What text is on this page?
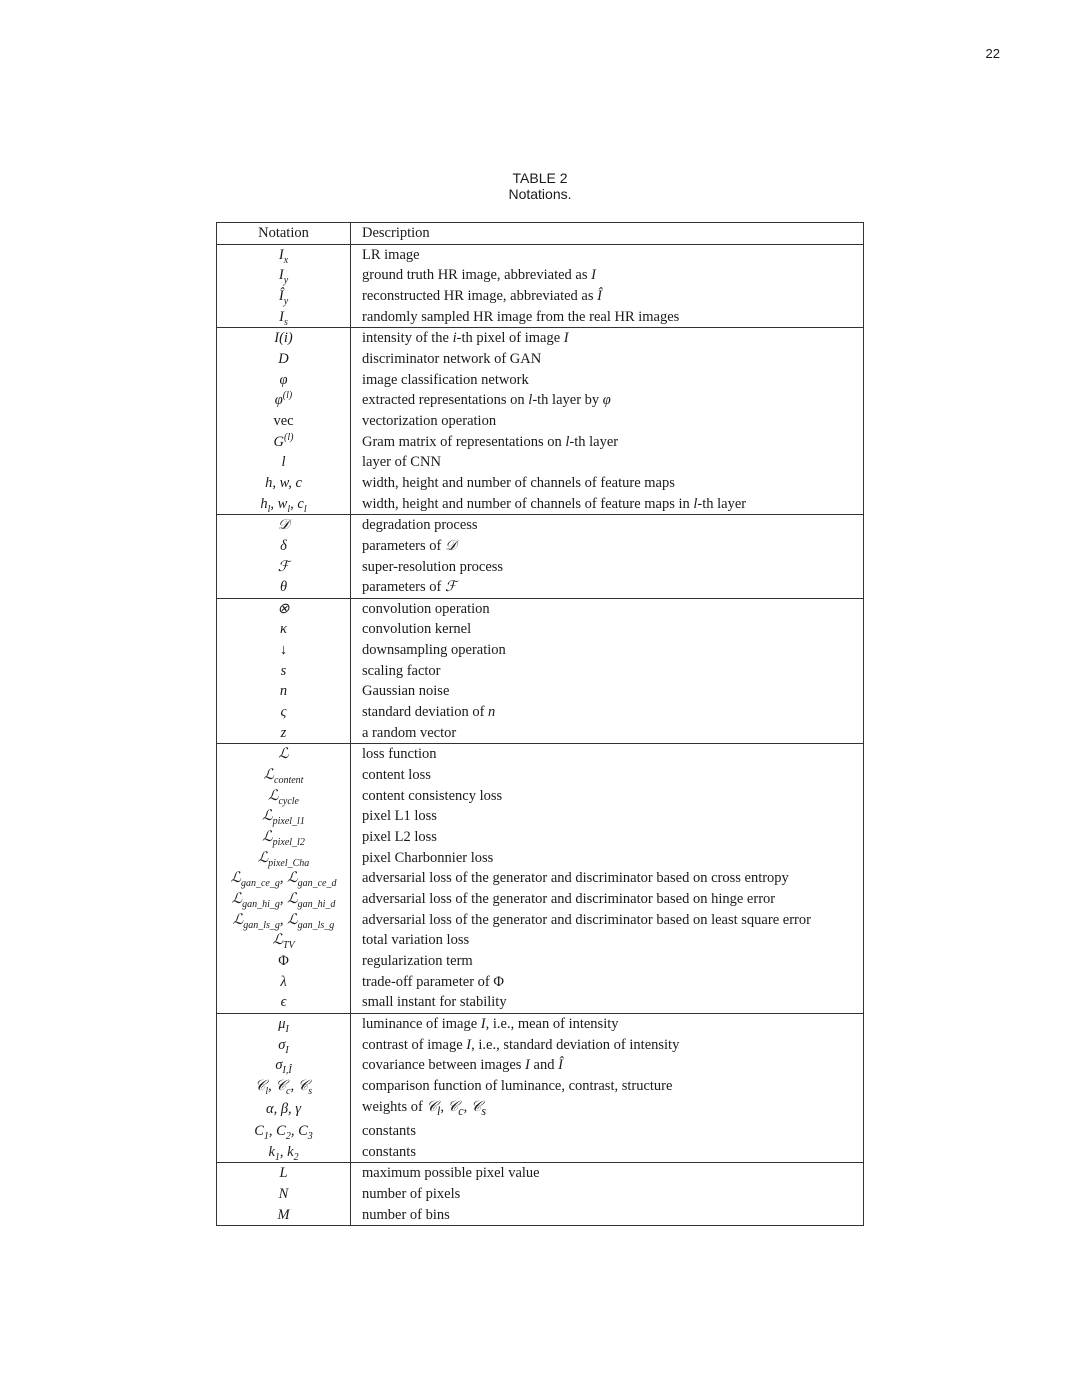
22
TABLE 2
Notations.
Notation	Description
$I_x$	LR image
$I_y$	ground truth HR image, abbreviated as I
$Î_y$	reconstructed HR image, abbreviated as Î
$I_s$	randomly sampled HR image from the real HR images
I(i)	intensity of the i-th pixel of image I
D	discriminator network of GAN
φ	image classification network
$\varphi^{(l)}$	extracted representations on l-th layer by φ
vec	vectorization operation
$G^{(l)}$	Gram matrix of representations on l-th layer
l	layer of CNN
h, w, c	width, height and number of channels of feature maps
$h_l$, $w_l$, $c_l$	width, height and number of channels of feature maps in l-th layer
𝒟	degradation process
δ	parameters of 𝒟
ℱ	super-resolution process
θ	parameters of ℱ
⊗	convolution operation
κ	convolution kernel
↓	downsampling operation
s	scaling factor
n	Gaussian noise
ς	standard deviation of n
z	a random vector
ℒ	loss function
ℒ$_{content}$	content loss
ℒ$_{cycle}$	content consistency loss
ℒ$_{pixel\_l1}$	pixel L1 loss
ℒ$_{pixel\_l2}$	pixel L2 loss
ℒ$_{pixel\_Cha}$	pixel Charbonnier loss
ℒ$_{gan\_ce\_g}$, ℒ$_{gan\_ce\_d}$	adversarial loss of the generator and discriminator based on cross entropy
ℒ$_{gan\_hi\_g}$, ℒ$_{gan\_hi\_d}$	adversarial loss of the generator and discriminator based on hinge error
ℒ$_{gan\_ls\_g}$, ℒ$_{gan\_ls\_g}$	adversarial loss of the generator and discriminator based on least square error
ℒ$_{TV}$	total variation loss
Φ	regularization term
λ	trade-off parameter of Φ
ϵ	small instant for stability
$\mu_I$	luminance of image I, i.e., mean of intensity
$\sigma_I$	contrast of image I, i.e., standard deviation of intensity
$\sigma_{I,Î}$	covariance between images I and Î
𝒞$_l$, 𝒞$_c$, 𝒞$_s$	comparison function of luminance, contrast, structure
α, β, γ	weights of 𝒞$_l$, 𝒞$_c$, 𝒞$_s$
$C_1$, $C_2$, $C_3$	constants
$k_1$, $k_2$	constants
L	maximum possible pixel value
N	number of pixels
M	number of bins
